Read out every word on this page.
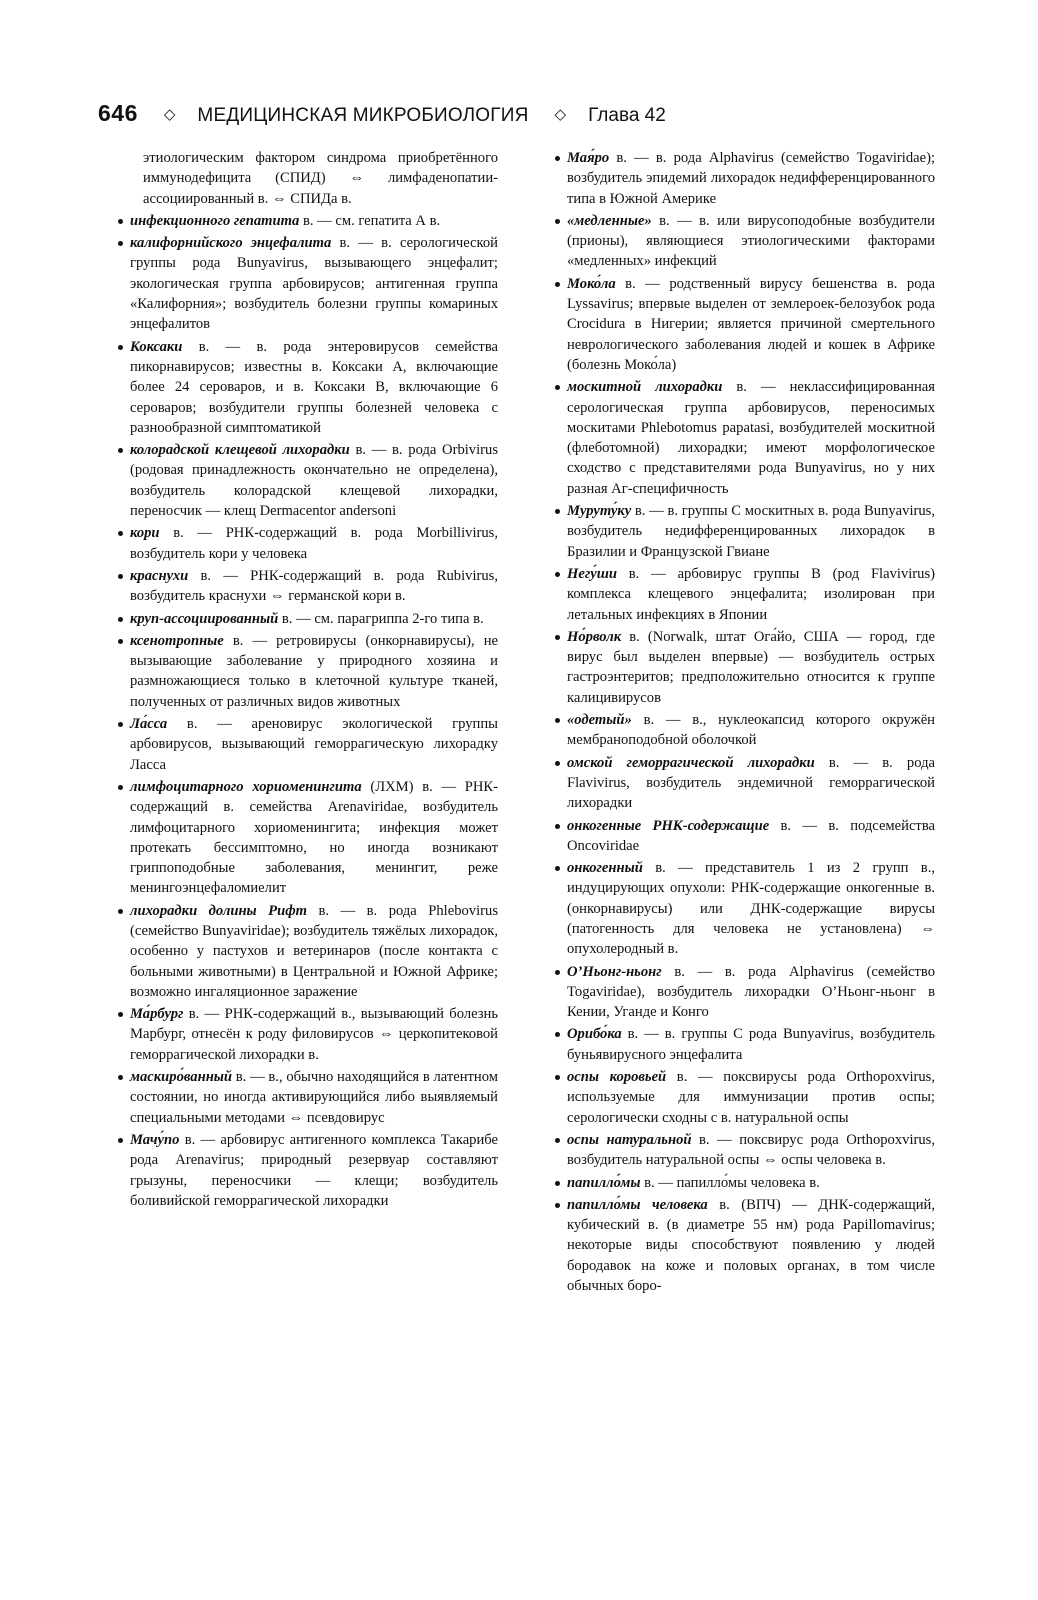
646 ◇ МЕДИЦИНСКАЯ МИКРОБИОЛОГИЯ ◇ Глава 42
этиологическим фактором синдрома приобретённого иммунодефицита (СПИД) ⇔ лимфаденопатии-ассоциированный в. ⇔ СПИДа в.
инфекционного гепатита в. — см. гепатита А в.
калифорнийского энцефалита в. — в. серологической группы рода Bunyavirus, вызывающего энцефалит; экологическая группа арбовирусов; антигенная группа «Калифорния»; возбудитель болезни группы комариных энцефалитов
Коксаки в. — в. рода энтеровирусов семейства пикорнавирусов; известны в. Коксаки А, включающие более 24 сероваров, и в. Коксаки В, включающие 6 сероваров; возбудители группы болезней человека с разнообразной симптоматикой
колорадской клещевой лихорадки в. — в. рода Orbivirus (родовая принадлежность окончательно не определена), возбудитель колорадской клещевой лихорадки, переносчик — клещ Dermacentor andersoni
кори в. — РНК-содержащий в. рода Morbillivirus, возбудитель кори у человека
краснухи в. — РНК-содержащий в. рода Rubivirus, возбудитель краснухи ⇔ германской кори в.
круп-ассоциированный в. — см. парагриппа 2-го типа в.
ксенотропные в. — ретровирусы (онкорнавирусы), не вызывающие заболевание у природного хозяина и размножающиеся только в клеточной культуре тканей, полученных от различных видов животных
Ла́сса в. — ареновирус экологической группы арбовирусов, вызывающий геморрагическую лихорадку Ласса
лимфоцитарного хориоменингита (ЛХМ) в. — РНК-содержащий в. семейства Arenaviridae, возбудитель лимфоцитарного хориоменингита; инфекция может протекать бессимптомно, но иногда возникают гриппоподобные заболевания, менингит, реже менингоэнцефаломиелит
лихорадки долины Рифт в. — в. рода Phlebovirus (семейство Bunyaviridae); возбудитель тяжёлых лихорадок, особенно у пастухов и ветеринаров (после контакта с больными животными) в Центральной и Южной Африке; возможно ингаляционное заражение
Ма́рбург в. — РНК-содержащий в., вызывающий болезнь Марбург, отнесён к роду филовирусов ⇔ церкопитековой геморрагической лихорадки в.
маскиро́ванный в. — в., обычно находящийся в латентном состоянии, но иногда активирующийся либо выявляемый специальными методами ⇔ псевдовирус
Мачу́по в. — арбовирус антигенного комплекса Такарибе рода Arenavirus; природный резервуар составляют грызуны, переносчики — клещи; возбудитель боливийской геморрагической лихорадки
Мая́ро в. — в. рода Alphavirus (семейство Togaviridae); возбудитель эпидемий лихорадок недифференцированного типа в Южной Америке
«медленные» в. — в. или вирусоподобные возбудители (прионы), являющиеся этиологическими факторами «медленных» инфекций
Моко́ла в. — родственный вирусу бешенства в. рода Lyssavirus; впервые выделен от землероек-белозубок рода Crocidura в Нигерии; является причиной смертельного неврологического заболевания людей и кошек в Африке (болезнь Моко́ла)
москитной лихорадки в. — неклассифицированная серологическая группа арбовирусов, переносимых москитами Phlebotomus papatasi, возбудителей москитной (флеботомной) лихорадки; имеют морфологическое сходство с представителями рода Bunyavirus, но у них разная Аг-специфичность
Муруту́ку в. — в. группы С москитных в. рода Bunyavirus, возбудитель недифференцированных лихорадок в Бразилии и Французской Гвиане
Негу́ши в. — арбовирус группы В (род Flavivirus) комплекса клещевого энцефалита; изолирован при летальных инфекциях в Японии
Но́рволк в. (Norwalk, штат Ога́йо, США — город, где вирус был выделен впервые) — возбудитель острых гастроэнтеритов; предположительно относится к группе калицивирусов
«одетый» в. — в., нуклеокапсид которого окружён мембраноподобной оболочкой
омской геморрагической лихорадки в. — в. рода Flavivirus, возбудитель эндемичной геморрагической лихорадки
онкогенные РНК-содержащие в. — в. подсемейства Oncoviridae
онкогенный в. — представитель 1 из 2 групп в., индуцирующих опухоли: РНК-содержащие онкогенные в. (онкорнавирусы) или ДНК-содержащие вирусы (патогенность для человека не установлена) ⇔ опухолеродный в.
О’Ньонг-ньонг в. — в. рода Alphavirus (семейство Togaviridae), возбудитель лихорадки О’Ньонг-ньонг в Кении, Уганде и Конго
Орибо́ка в. — в. группы С рода Bunyavirus, возбудитель буньявирусного энцефалита
оспы коровьей в. — поксвирусы рода Orthopoxvirus, используемые для иммунизации против оспы; серологически сходны с в. натуральной оспы
оспы натуральной в. — поксвирус рода Orthopoxvirus, возбудитель натуральной оспы ⇔ оспы человека в.
папилло́мы в. — папилло́мы человека в.
папилло́мы человека в. (ВПЧ) — ДНК-содержащий, кубический в. (в диаметре 55 нм) рода Papillomavirus; некоторые виды способствуют появлению у людей бородавок на коже и половых органах, в том числе обычных боро-
